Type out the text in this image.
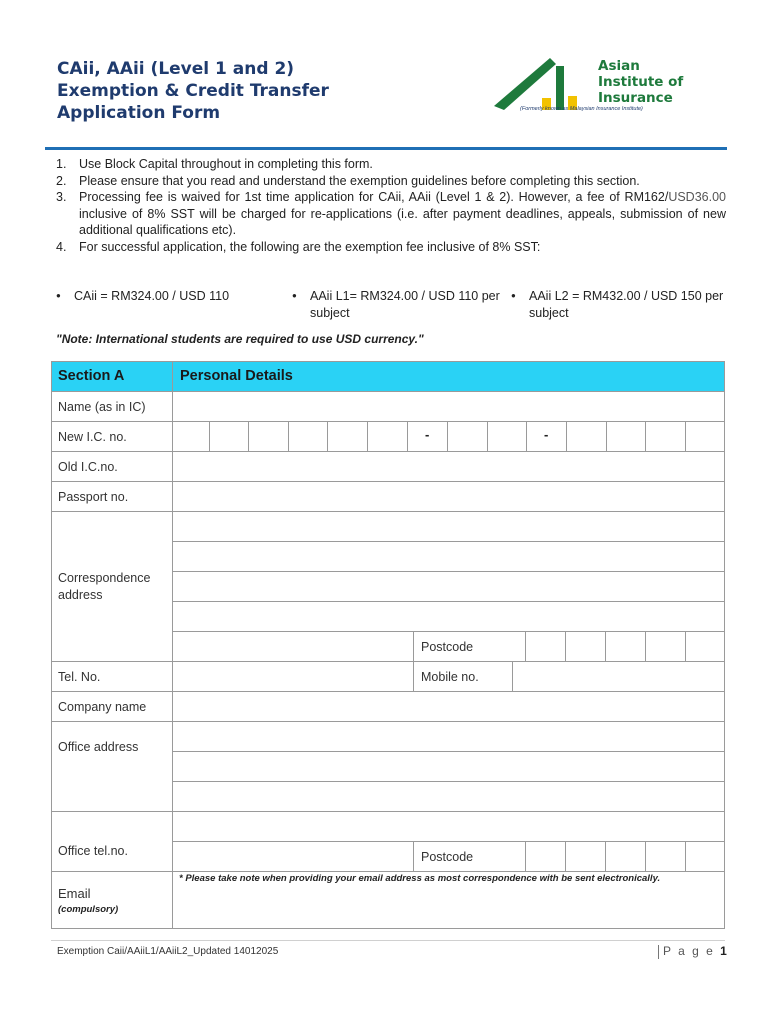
CAii, AAii (Level 1 and 2)
Exemption & Credit Transfer
Application Form
Asian
Institute of
Insurance
(Formerly known as Malaysian Insurance Institute)
1. Use Block Capital throughout in completing this form.
2. Please ensure that you read and understand the exemption guidelines before completing this section.
3. Processing fee is waived for 1st time application for CAii, AAii (Level 1 & 2). However, a fee of RM162/USD36.00 inclusive of 8% SST will be charged for re-applications (i.e. after payment deadlines, appeals, submission of new additional qualifications etc).
4. For successful application, the following are the exemption fee inclusive of 8% SST:
● CAii = RM324.00 / USD 110	● AAii L1= RM324.00 / USD 110 per subject
● AAii L2 = RM432.00 / USD 150 per subject
"Note: International students are required to use USD currency."
Section A	Personal Details
Name (as in IC)
New I.C. no.	-	-
Old I.C.no.
Passport no.
Correspondence
address
Postcode
Tel. No.	Mobile no.
Company name
Office address
Office tel.no.	Postcode
Email
(compulsory)
* Please take note when providing your email address as most correspondence with be sent electronically.
Exemption Caii/AAiiL1/AAiiL2_Updated 14012025	P a g e 1
